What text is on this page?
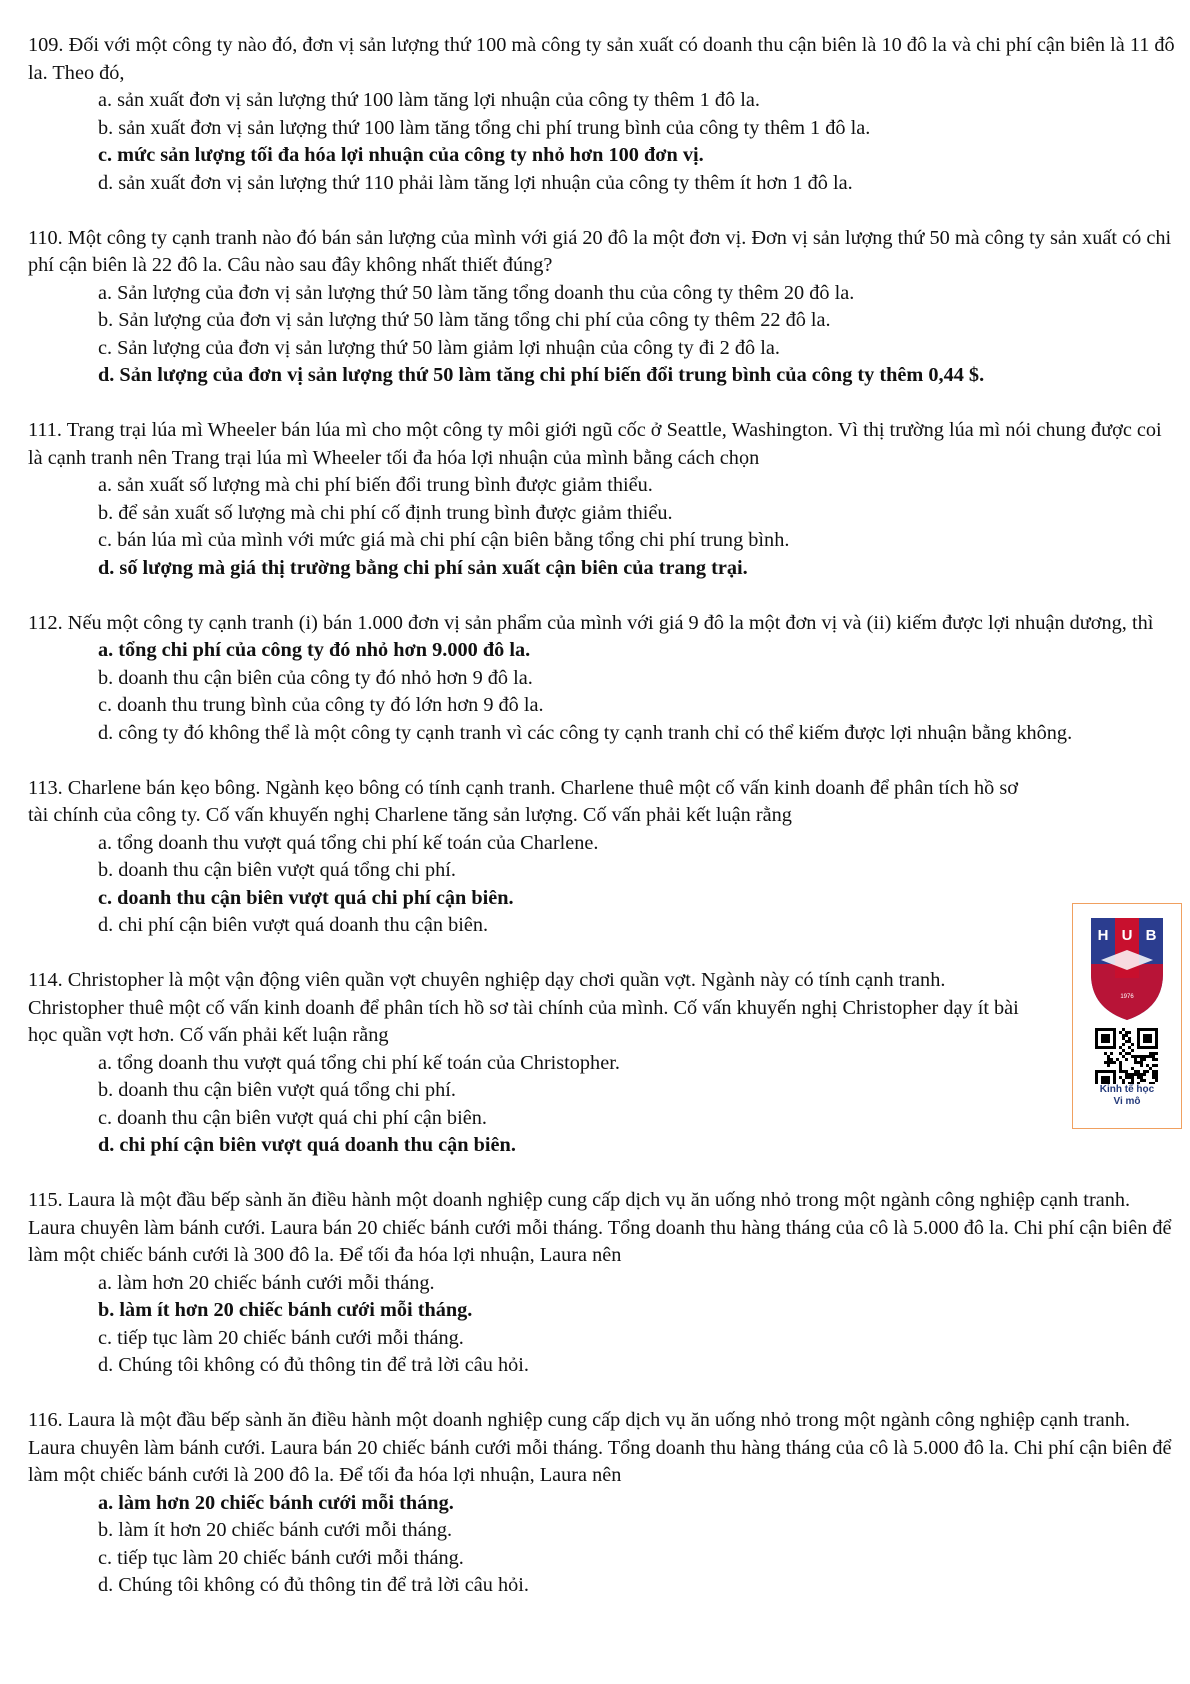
109. Đối với một công ty nào đó, đơn vị sản lượng thứ 100 mà công ty sản xuất có doanh thu cận biên là 10 đô la và chi phí cận biên là 11 đô la. Theo đó,

a. sản xuất đơn vị sản lượng thứ 100 làm tăng lợi nhuận của công ty thêm 1 đô la.

b. sản xuất đơn vị sản lượng thứ 100 làm tăng tổng chi phí trung bình của công ty thêm 1 đô la.

c. mức sản lượng tối đa hóa lợi nhuận của công ty nhỏ hơn 100 đơn vị.

d. sản xuất đơn vị sản lượng thứ 110 phải làm tăng lợi nhuận của công ty thêm ít hơn 1 đô la.

110. Một công ty cạnh tranh nào đó bán sản lượng của mình với giá 20 đô la một đơn vị. Đơn vị sản lượng thứ 50 mà công ty sản xuất có chi phí cận biên là 22 đô la. Câu nào sau đây không nhất thiết đúng?

a. Sản lượng của đơn vị sản lượng thứ 50 làm tăng tổng doanh thu của công ty thêm 20 đô la.

b. Sản lượng của đơn vị sản lượng thứ 50 làm tăng tổng chi phí của công ty thêm 22 đô la.

c. Sản lượng của đơn vị sản lượng thứ 50 làm giảm lợi nhuận của công ty đi 2 đô la.

d. Sản lượng của đơn vị sản lượng thứ 50 làm tăng chi phí biến đổi trung bình của công ty thêm 0,44 $.

111. Trang trại lúa mì Wheeler bán lúa mì cho một công ty môi giới ngũ cốc ở Seattle, Washington. Vì thị trường lúa mì nói chung được coi là cạnh tranh nên Trang trại lúa mì Wheeler tối đa hóa lợi nhuận của mình bằng cách chọn

a. sản xuất số lượng mà chi phí biến đổi trung bình được giảm thiểu.

b. để sản xuất số lượng mà chi phí cố định trung bình được giảm thiểu.

c. bán lúa mì của mình với mức giá mà chi phí cận biên bằng tổng chi phí trung bình.

d. số lượng mà giá thị trường bằng chi phí sản xuất cận biên của trang trại.

112. Nếu một công ty cạnh tranh (i) bán 1.000 đơn vị sản phẩm của mình với giá 9 đô la một đơn vị và (ii) kiếm được lợi nhuận dương, thì

a. tổng chi phí của công ty đó nhỏ hơn 9.000 đô la.

b. doanh thu cận biên của công ty đó nhỏ hơn 9 đô la.

c. doanh thu trung bình của công ty đó lớn hơn 9 đô la.

d. công ty đó không thể là một công ty cạnh tranh vì các công ty cạnh tranh chỉ có thể kiếm được lợi nhuận bằng không.

113. Charlene bán kẹo bông. Ngành kẹo bông có tính cạnh tranh. Charlene thuê một cố vấn kinh doanh để phân tích hồ sơ tài chính của công ty. Cố vấn khuyến nghị Charlene tăng sản lượng. Cố vấn phải kết luận rằng

a. tổng doanh thu vượt quá tổng chi phí kế toán của Charlene.

b. doanh thu cận biên vượt quá tổng chi phí.

c. doanh thu cận biên vượt quá chi phí cận biên.

d. chi phí cận biên vượt quá doanh thu cận biên.

114. Christopher là một vận động viên quần vợt chuyên nghiệp dạy chơi quần vợt. Ngành này có tính cạnh tranh. Christopher thuê một cố vấn kinh doanh để phân tích hồ sơ tài chính của mình. Cố vấn khuyến nghị Christopher dạy ít bài học quần vợt hơn. Cố vấn phải kết luận rằng

a. tổng doanh thu vượt quá tổng chi phí kế toán của Christopher.

b. doanh thu cận biên vượt quá tổng chi phí.

c. doanh thu cận biên vượt quá chi phí cận biên.

d. chi phí cận biên vượt quá doanh thu cận biên.

115. Laura là một đầu bếp sành ăn điều hành một doanh nghiệp cung cấp dịch vụ ăn uống nhỏ trong một ngành công nghiệp cạnh tranh. Laura chuyên làm bánh cưới. Laura bán 20 chiếc bánh cưới mỗi tháng. Tổng doanh thu hàng tháng của cô là 5.000 đô la. Chi phí cận biên để làm một chiếc bánh cưới là 300 đô la. Để tối đa hóa lợi nhuận, Laura nên

a. làm hơn 20 chiếc bánh cưới mỗi tháng.

b. làm ít hơn 20 chiếc bánh cưới mỗi tháng.

c. tiếp tục làm 20 chiếc bánh cưới mỗi tháng.

d. Chúng tôi không có đủ thông tin để trả lời câu hỏi.

116. Laura là một đầu bếp sành ăn điều hành một doanh nghiệp cung cấp dịch vụ ăn uống nhỏ trong một ngành công nghiệp cạnh tranh. Laura chuyên làm bánh cưới. Laura bán 20 chiếc bánh cưới mỗi tháng. Tổng doanh thu hàng tháng của cô là 5.000 đô la. Chi phí cận biên để làm một chiếc bánh cưới là 200 đô la. Để tối đa hóa lợi nhuận, Laura nên

a. làm hơn 20 chiếc bánh cưới mỗi tháng.

b. làm ít hơn 20 chiếc bánh cưới mỗi tháng.

c. tiếp tục làm 20 chiếc bánh cưới mỗi tháng.

d. Chúng tôi không có đủ thông tin để trả lời câu hỏi.

H U B
1976
Kinh tế học
Vi mô
